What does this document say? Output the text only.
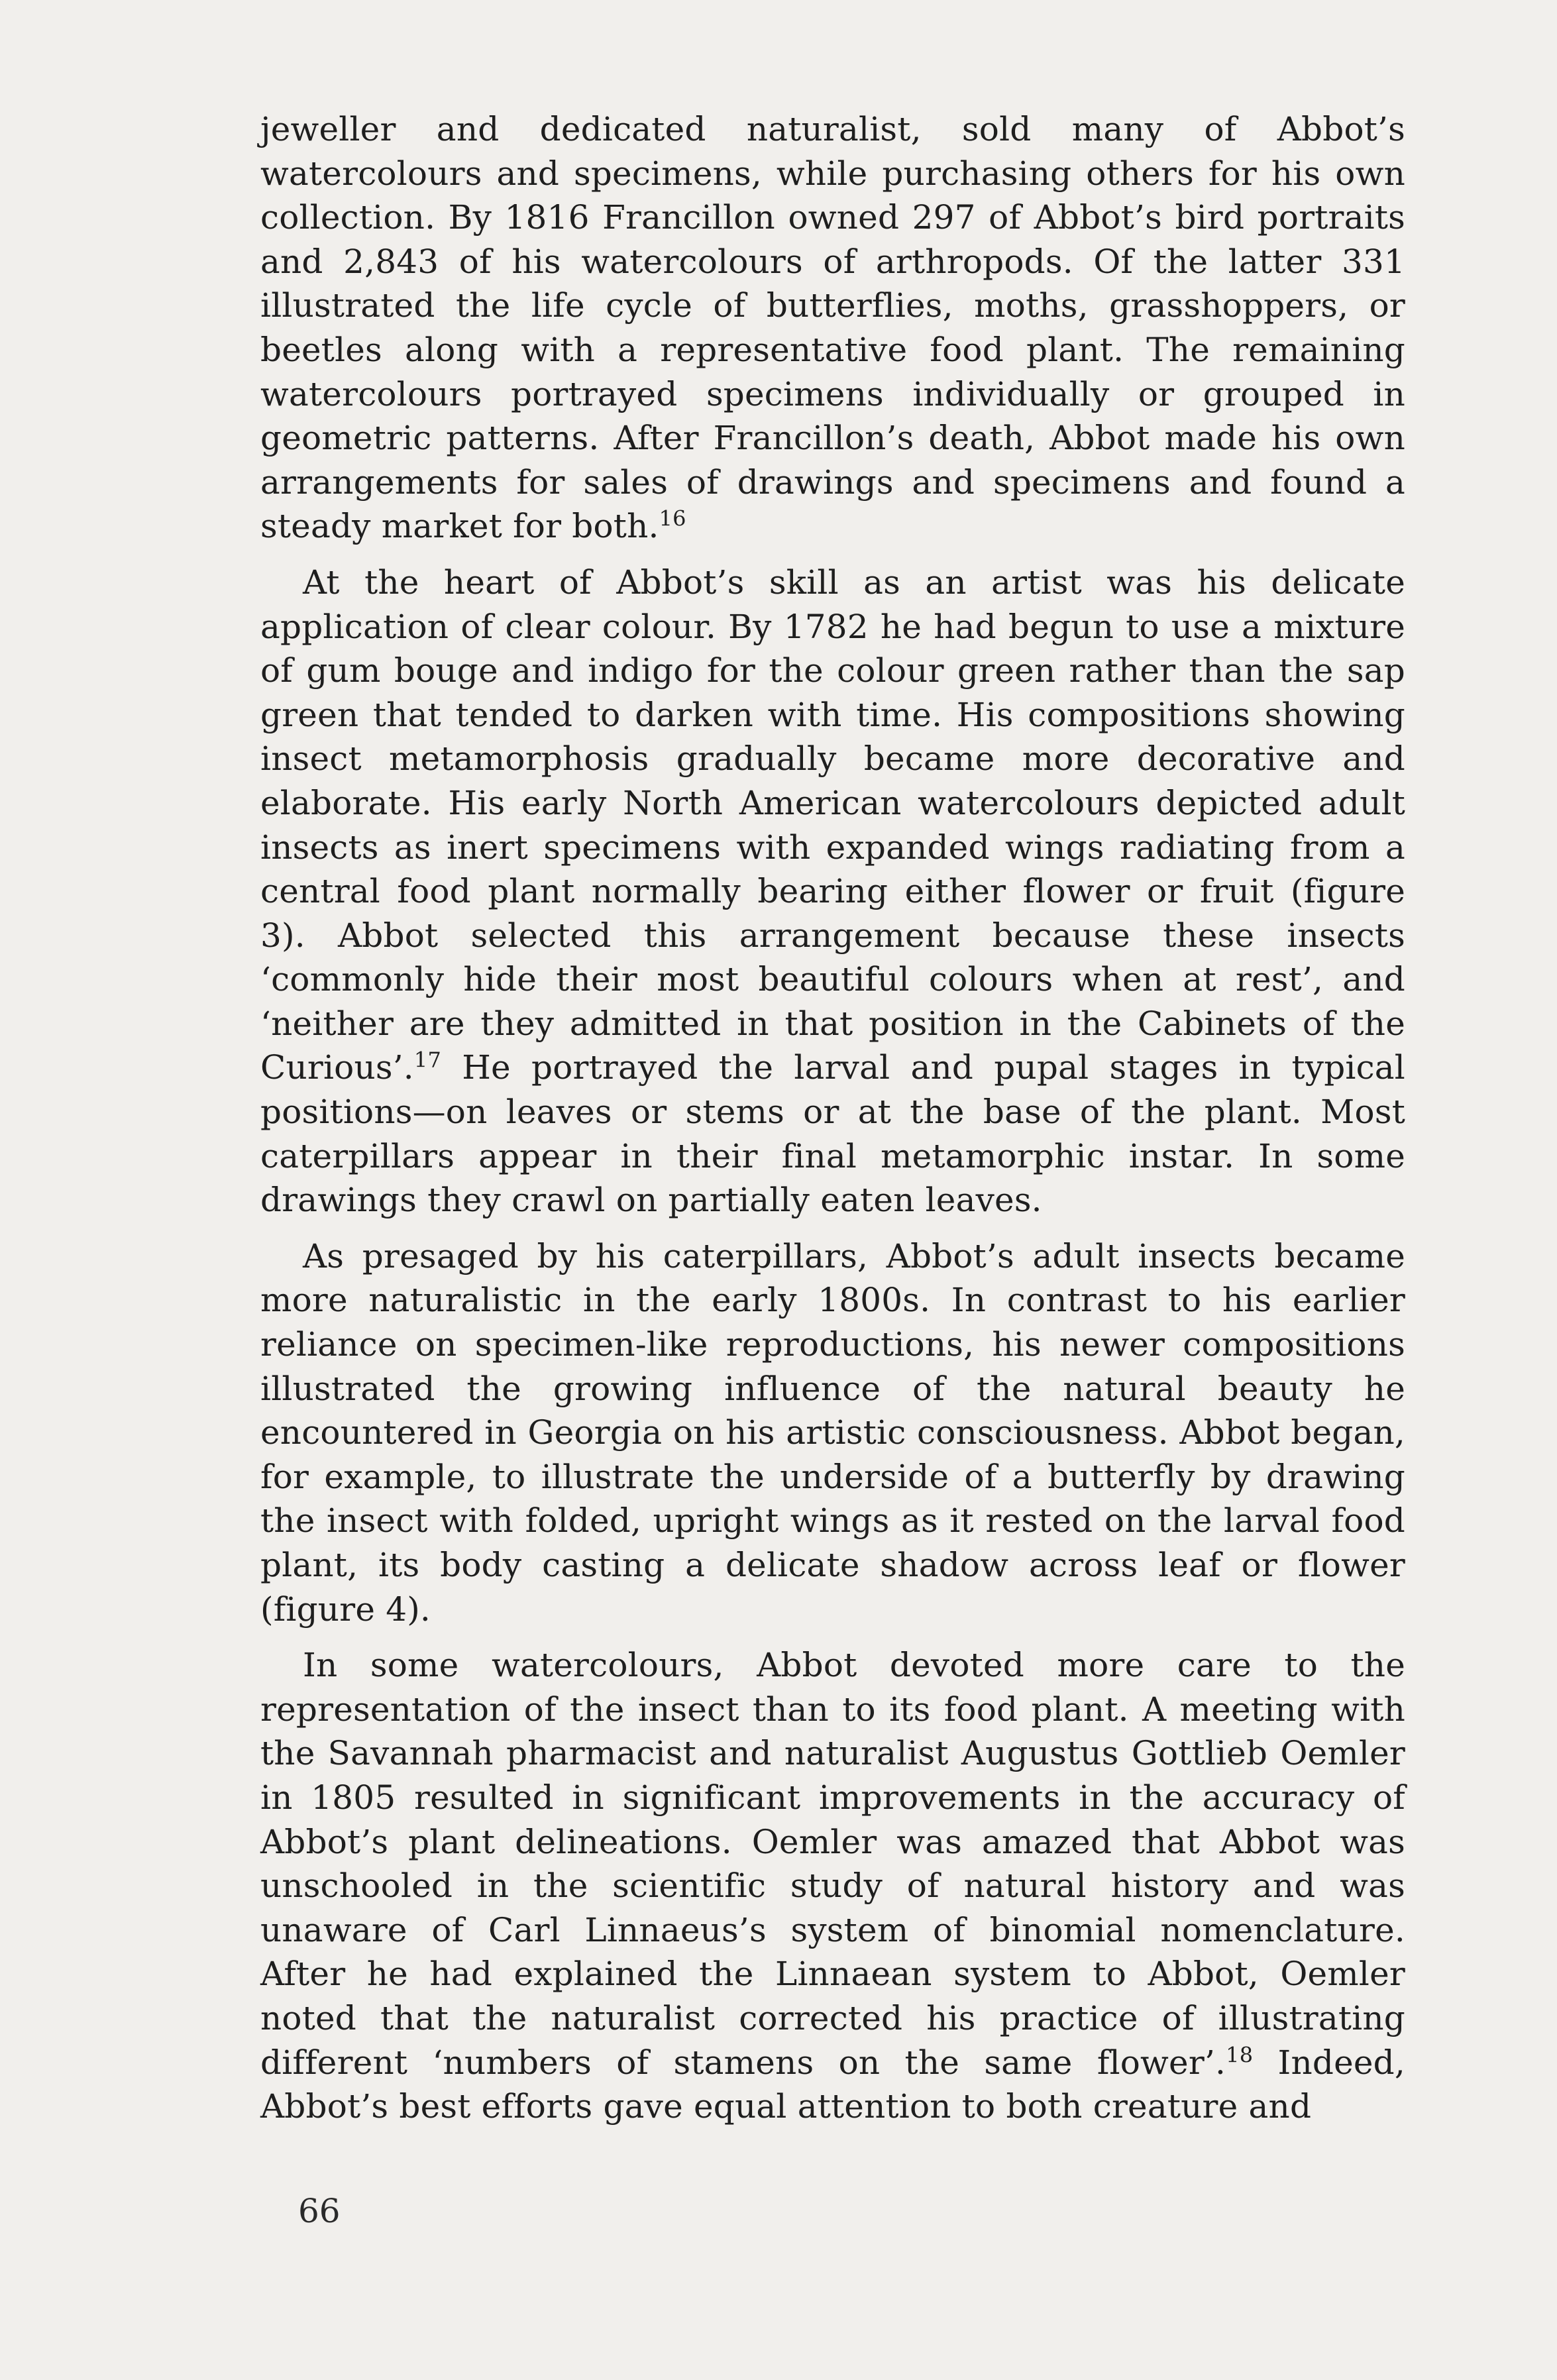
jeweller and dedicated naturalist, sold many of Abbot’s watercolours and specimens, while purchasing others for his own collection. By 1816 Francillon owned 297 of Abbot’s bird portraits and 2,843 of his watercolours of arthropods. Of the latter 331 illustrated the life cycle of butterflies, moths, grasshoppers, or beetles along with a representative food plant. The remaining watercolours portrayed specimens individually or grouped in geometric patterns. After Francillon’s death, Abbot made his own arrangements for sales of drawings and specimens and found a steady market for both.$^{16}$

At the heart of Abbot’s skill as an artist was his delicate application of clear colour. By 1782 he had begun to use a mixture of gum bouge and indigo for the colour green rather than the sap green that tended to darken with time. His compositions showing insect metamorphosis gradually became more decorative and elaborate. His early North American watercolours depicted adult insects as inert specimens with expanded wings radiating from a central food plant normally bearing either flower or fruit (figure 3). Abbot selected this arrangement because these insects ‘commonly hide their most beautiful colours when at rest’, and ‘neither are they admitted in that position in the Cabinets of the Curious’.$^{17}$ He portrayed the larval and pupal stages in typical positions—on leaves or stems or at the base of the plant. Most caterpillars appear in their final metamorphic instar. In some drawings they crawl on partially eaten leaves.

As presaged by his caterpillars, Abbot’s adult insects became more naturalistic in the early 1800s. In contrast to his earlier reliance on specimen-like reproductions, his newer compositions illustrated the growing influence of the natural beauty he encountered in Georgia on his artistic consciousness. Abbot began, for example, to illustrate the underside of a butterfly by drawing the insect with folded, upright wings as it rested on the larval food plant, its body casting a delicate shadow across leaf or flower (figure 4).

In some watercolours, Abbot devoted more care to the representation of the insect than to its food plant. A meeting with the Savannah pharmacist and naturalist Augustus Gottlieb Oemler in 1805 resulted in significant improvements in the accuracy of Abbot’s plant delineations. Oemler was amazed that Abbot was unschooled in the scientific study of natural history and was unaware of Carl Linnaeus’s system of binomial nomenclature. After he had explained the Linnaean system to Abbot, Oemler noted that the naturalist corrected his practice of illustrating different ‘numbers of stamens on the same flower’.$^{18}$ Indeed, Abbot’s best efforts gave equal attention to both creature and

66
